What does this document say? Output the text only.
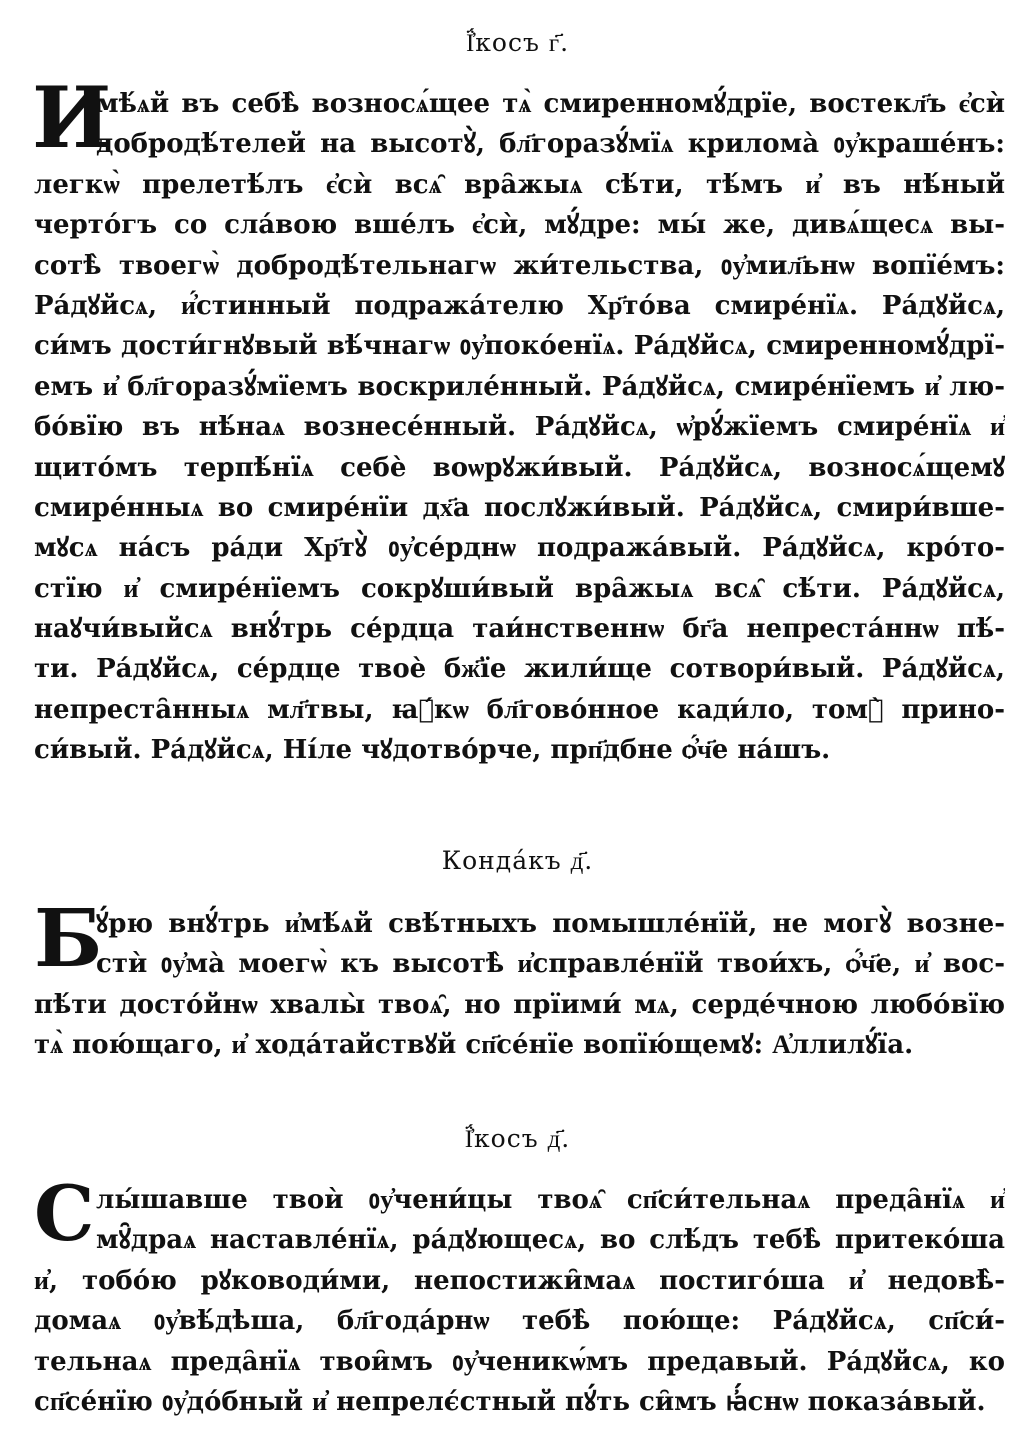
Ї҆́косъ г҃.
И
мѣ́ѧй въ себѣ̀ возносѧ́щее тѧ̀ смиренномꙋ́дрїе, востекл҃ъ є҆сѝ
добродѣ́телей на высотꙋ̀, бл҃горазꙋ́мїѧ крилома̀ ᲂу҆краше́нъ:
легкѡ̀ прелетѣ́лъ є҆сѝ всѧ̑ вра̑жыѧ сѣ́ти, тѣ́мъ и҆ въ нѣ́ный
черто́гъ со сла́вою вше́лъ є҆сѝ, мꙋ́дре: мы́ же, дивѧ́щесѧ вы-
сотѣ̀ твоегѡ̀ добродѣ́тельнагѡ жи́тельства, ᲂу҆мил҃ьнѡ вопїе́мъ:
Ра́дꙋйсѧ, и҆́стинный подража́телю Хр҃то́ва смире́нїѧ. Ра́дꙋйсѧ,
си́мъ дости́гнꙋвый вѣ́чнагѡ ᲂу҆поко́енїѧ. Ра́дꙋйсѧ, смиренномꙋ́дрї-
емъ и҆ бл҃горазꙋ́мїемъ воскриле́нный. Ра́дꙋйсѧ, смире́нїемъ и҆ лю-
бо́вїю въ нѣ́наѧ вознесе́нный. Ра́дꙋйсѧ, ѡ҆рꙋ́жїемъ смире́нїѧ и҆
щито́мъ терпѣ́нїѧ себѐ воѡрꙋжи́вый. Ра́дꙋйсѧ, возносѧ́щемꙋ
смире́нныѧ во смире́нїи дх҃а послꙋжи́вый. Ра́дꙋйсѧ, смири́вше-
мꙋсѧ на́съ ра́ди Хр҃тꙋ̀ ᲂу҆се́рднѡ подража́вый. Ра́дꙋйсѧ, кро́то-
стїю и҆ смире́нїемъ сокрꙋши́вый вра̑жыѧ всѧ̑ сѣ́ти. Ра́дꙋйсѧ,
наꙋчи́выйсѧ внꙋ́трь се́рдца таи́нственнѡ бг҃а непреста́ннѡ пѣ́-
ти. Ра́дꙋйсѧ, се́рдце твоѐ бж҃їе жили́ще сотвори́вый. Ра́дꙋйсѧ,
непреста̑нныѧ мл҃твы, ꙗ҆́кѡ бл҃гово́нное кади́ло, томꙋ̀ прино-
си́вый. Ра́дꙋйсѧ, Ні́ле чꙋдотво́рче, прп҃дбне ѻ҆́ч҃е на́шъ.
Конда́къ д҃.
Б
ꙋ́рю внꙋ́трь и҆мѣ́ѧй свѣ́тныхъ помышле́нїй, не могꙋ̀ возне-
стѝ ᲂу҆ма̀ моегѡ̀ къ высотѣ̀ и҆справле́нїй твои́хъ, ѻ҆́ч҃е, и҆ вос-
пѣ́ти досто́йнѡ хвалы̀ твоѧ̑, но прїими́ мѧ, серде́чною любо́вїю
тѧ̀ пою́щаго, и҆ хода́тайствꙋй сп҃се́нїе вопїю́щемꙋ: А҆ллилꙋ́їа.
Ї҆́косъ д҃.
С лы́шавше твоѝ ᲂу҆чени́цы твоѧ̑ сп҃си́тельнаѧ преда̑нїѧ и҆
мꙋ̑драѧ наставле́нїѧ, ра́дꙋющесѧ, во слѣ́дъ тебѣ̀ притеко́ша
и҆, тобо́ю рꙋководи́ми, непостижи̑маѧ постиго́ша и҆ недовѣ̀-
домаѧ ᲂу҆вѣ́дѣша, бл҃года́рнѡ тебѣ̀ пою́ще: Ра́дꙋйсѧ, сп҃си́-
тельнаѧ преда̑нїѧ твои̑мъ ᲂу҆ченикѡ́мъ предавый. Ра́дꙋйсѧ, ко
сп҃се́нїю ᲂу҆до́бный и҆ непрелє́стный пꙋ́ть си̑мъ ꙗ҆́снѡ показа́вый.
